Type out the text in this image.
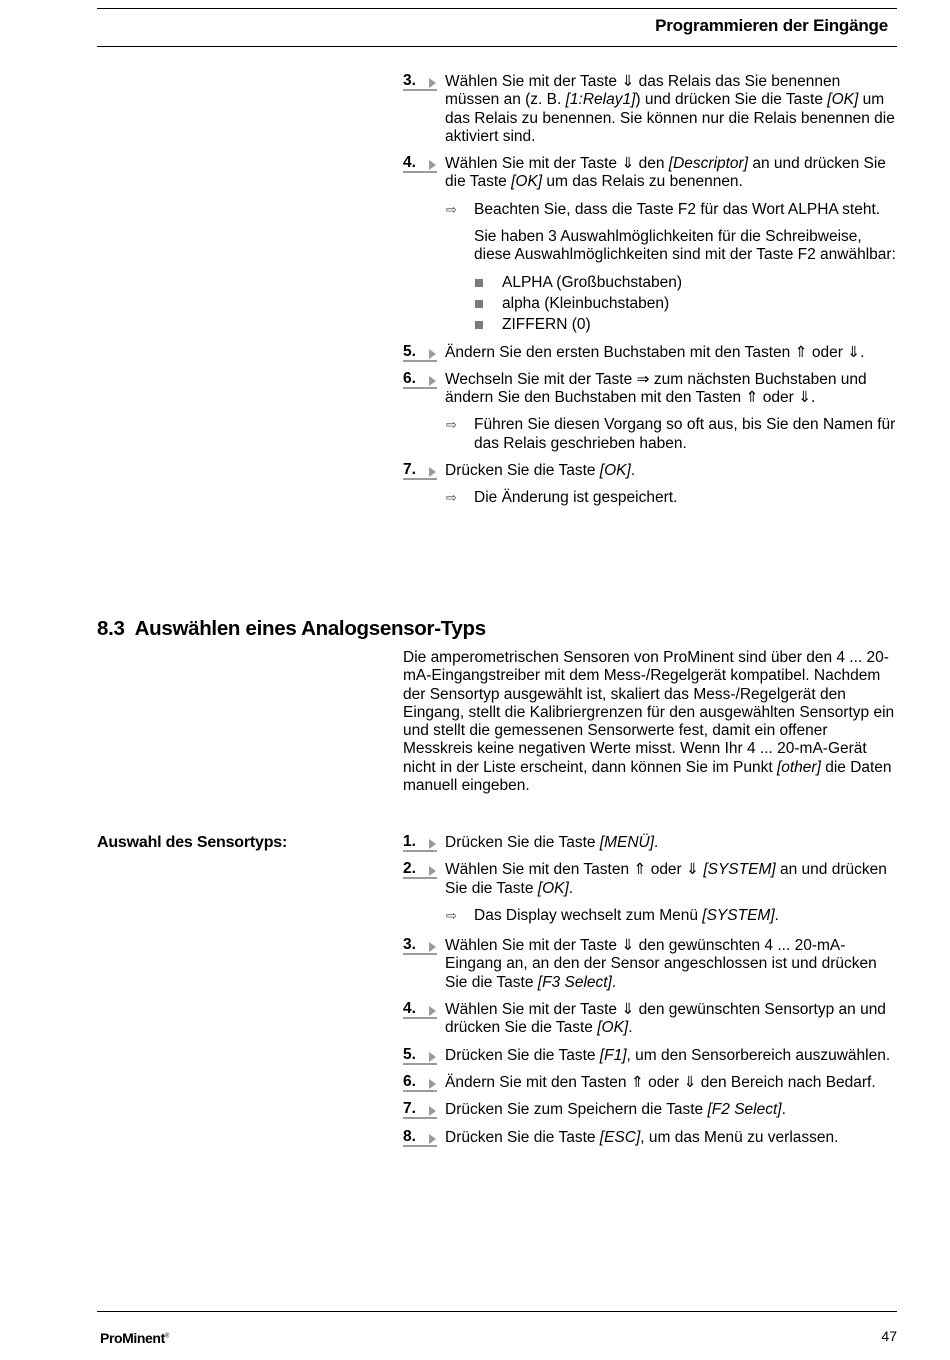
Programmieren der Eingänge
3.	Wählen Sie mit der Taste ⇓ das Relais das Sie benennen müssen an (z. B. [1:Relay1]) und drücken Sie die Taste [OK] um das Relais zu benennen. Sie können nur die Relais benennen die aktiviert sind.
4.	Wählen Sie mit der Taste ⇓ den [Descriptor] an und drücken Sie die Taste [OK] um das Relais zu benennen.
⇨ Beachten Sie, dass die Taste F2 für das Wort ALPHA steht.
Sie haben 3 Auswahlmöglichkeiten für die Schreibweise, diese Auswahlmöglichkeiten sind mit der Taste F2 anwählbar:
ALPHA (Großbuchstaben)
alpha (Kleinbuchstaben)
ZIFFERN (0)
5.	Ändern Sie den ersten Buchstaben mit den Tasten ⇑ oder ⇓.
6.	Wechseln Sie mit der Taste ⇒ zum nächsten Buchstaben und ändern Sie den Buchstaben mit den Tasten ⇑ oder ⇓.
⇨ Führen Sie diesen Vorgang so oft aus, bis Sie den Namen für das Relais geschrieben haben.
7.	Drücken Sie die Taste [OK].
⇨ Die Änderung ist gespeichert.
8.3  Auswählen eines Analogsensor-Typs
Die amperometrischen Sensoren von ProMinent sind über den 4 ... 20-mA-Eingangstreiber mit dem Mess-/Regelgerät kompatibel. Nachdem der Sensortyp ausgewählt ist, skaliert das Mess-/Regelgerät den Eingang, stellt die Kalibriergrenzen für den ausgewählten Sensortyp ein und stellt die gemessenen Sensorwerte fest, damit ein offener Messkreis keine negativen Werte misst. Wenn Ihr 4 ... 20-mA-Gerät nicht in der Liste erscheint, dann können Sie im Punkt [other] die Daten manuell eingeben.
Auswahl des Sensortyps:	1.	Drücken Sie die Taste [MENÜ].
2.	Wählen Sie mit den Tasten ⇑ oder ⇓ [SYSTEM] an und drücken Sie die Taste [OK].
⇨ Das Display wechselt zum Menü [SYSTEM].
3.	Wählen Sie mit der Taste ⇓ den gewünschten 4 ... 20-mA-Eingang an, an den der Sensor angeschlossen ist und drücken Sie die Taste [F3 Select].
4.	Wählen Sie mit der Taste ⇓ den gewünschten Sensortyp an und drücken Sie die Taste [OK].
5.	Drücken Sie die Taste [F1], um den Sensorbereich auszuwählen.
6.	Ändern Sie mit den Tasten ⇑ oder ⇓ den Bereich nach Bedarf.
7.	Drücken Sie zum Speichern die Taste [F2 Select].
8.	Drücken Sie die Taste [ESC], um das Menü zu verlassen.
ProMinent®	47
